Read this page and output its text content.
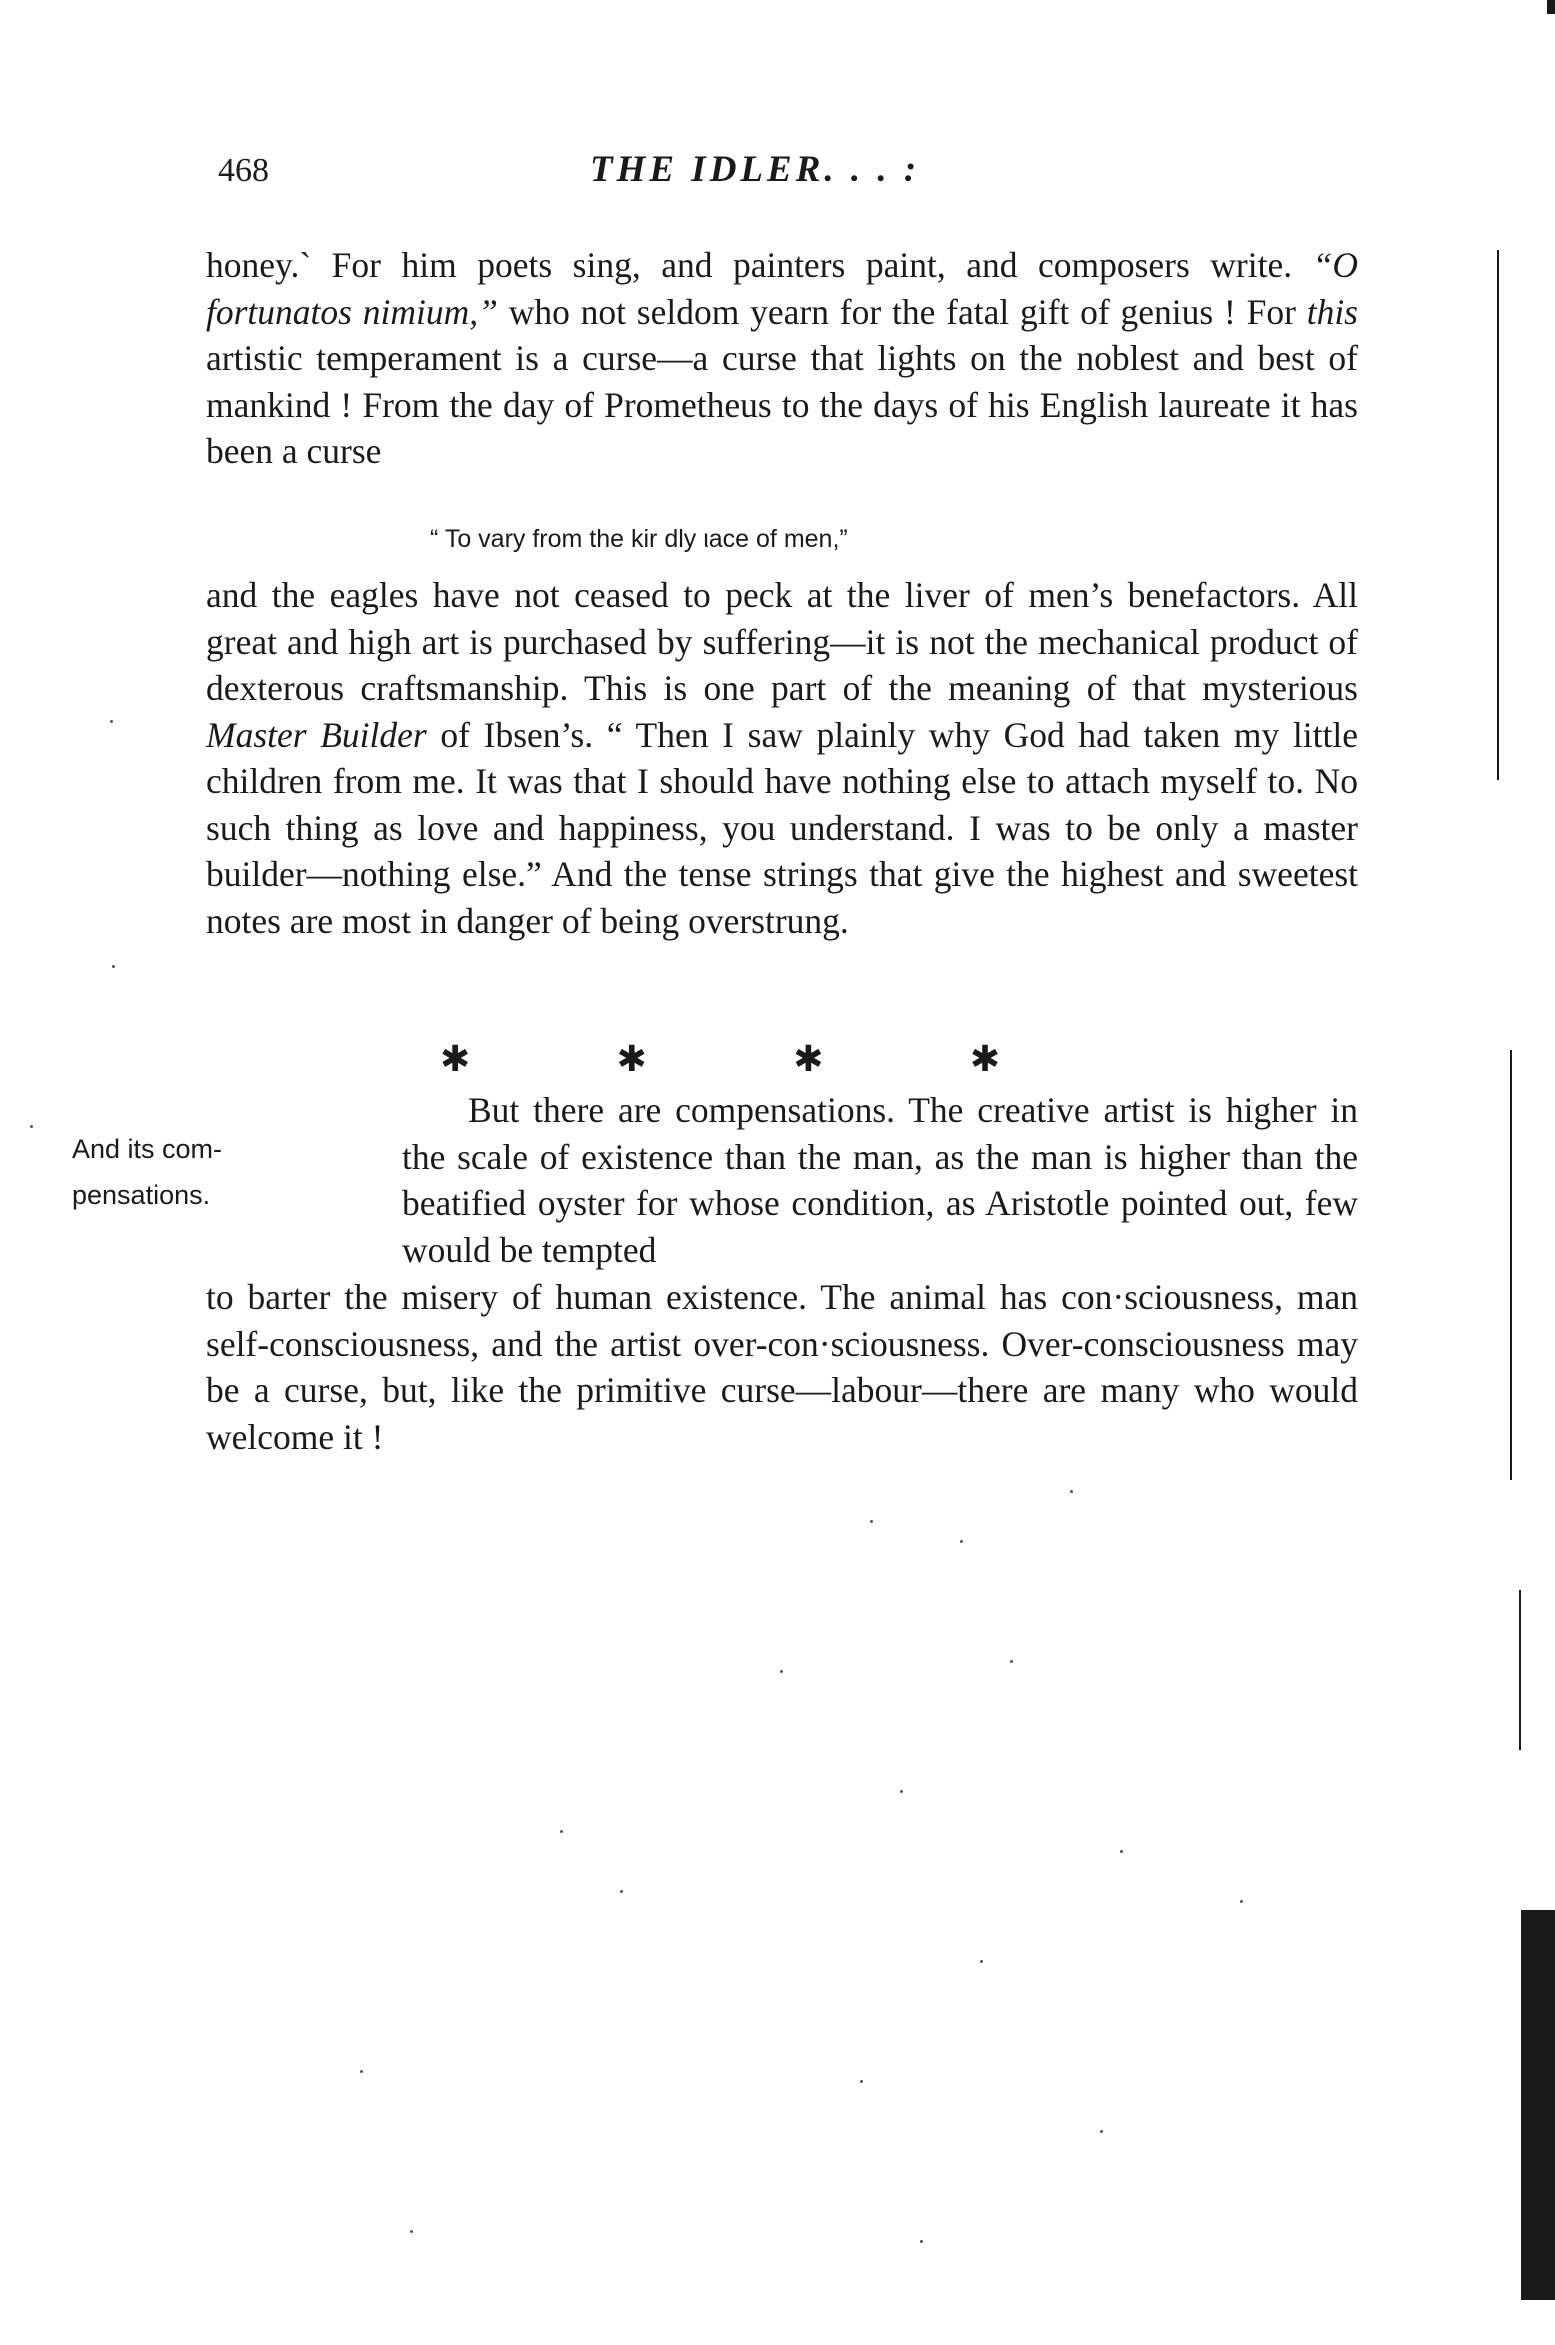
468	THE IDLER. . . :
honey.` For him poets sing, and painters paint, and composers write. “O fortunatos nimium,” who not seldom yearn for the fatal gift of genius ! For this artistic temperament is a curse—a curse that lights on the noblest and best of mankind ! From the day of Prometheus to the days of his English laureate it has been a curse
“ To vary from the kir dly ιace of men,”
and the eagles have not ceased to peck at the liver of men’s benefactors. All great and high art is purchased by suffering—it is not the mechanical product of dexterous craftsmanship. This is one part of the meaning of that mysterious Master Builder of Ibsen’s. “ Then I saw plainly why God had taken my little children from me. It was that I should have nothing else to attach myself to. No such thing as love and happiness, you understand. I was to be only a master builder—nothing else.” And the tense strings that give the highest and sweetest notes are most in danger of being overstrung.
✱	✱	✱	✱
But there are compensations. The creative artist is higher in the scale of existence than the man, as the man is higher than the beatified oyster for whose condition, as Aristotle pointed out, few would be tempted
And its com-
pensations.
to barter the misery of human existence. The animal has con·sciousness, man self-consciousness, and the artist over-con·sciousness. Over-consciousness may be a curse, but, like the primitive curse—labour—there are many who would welcome it !
